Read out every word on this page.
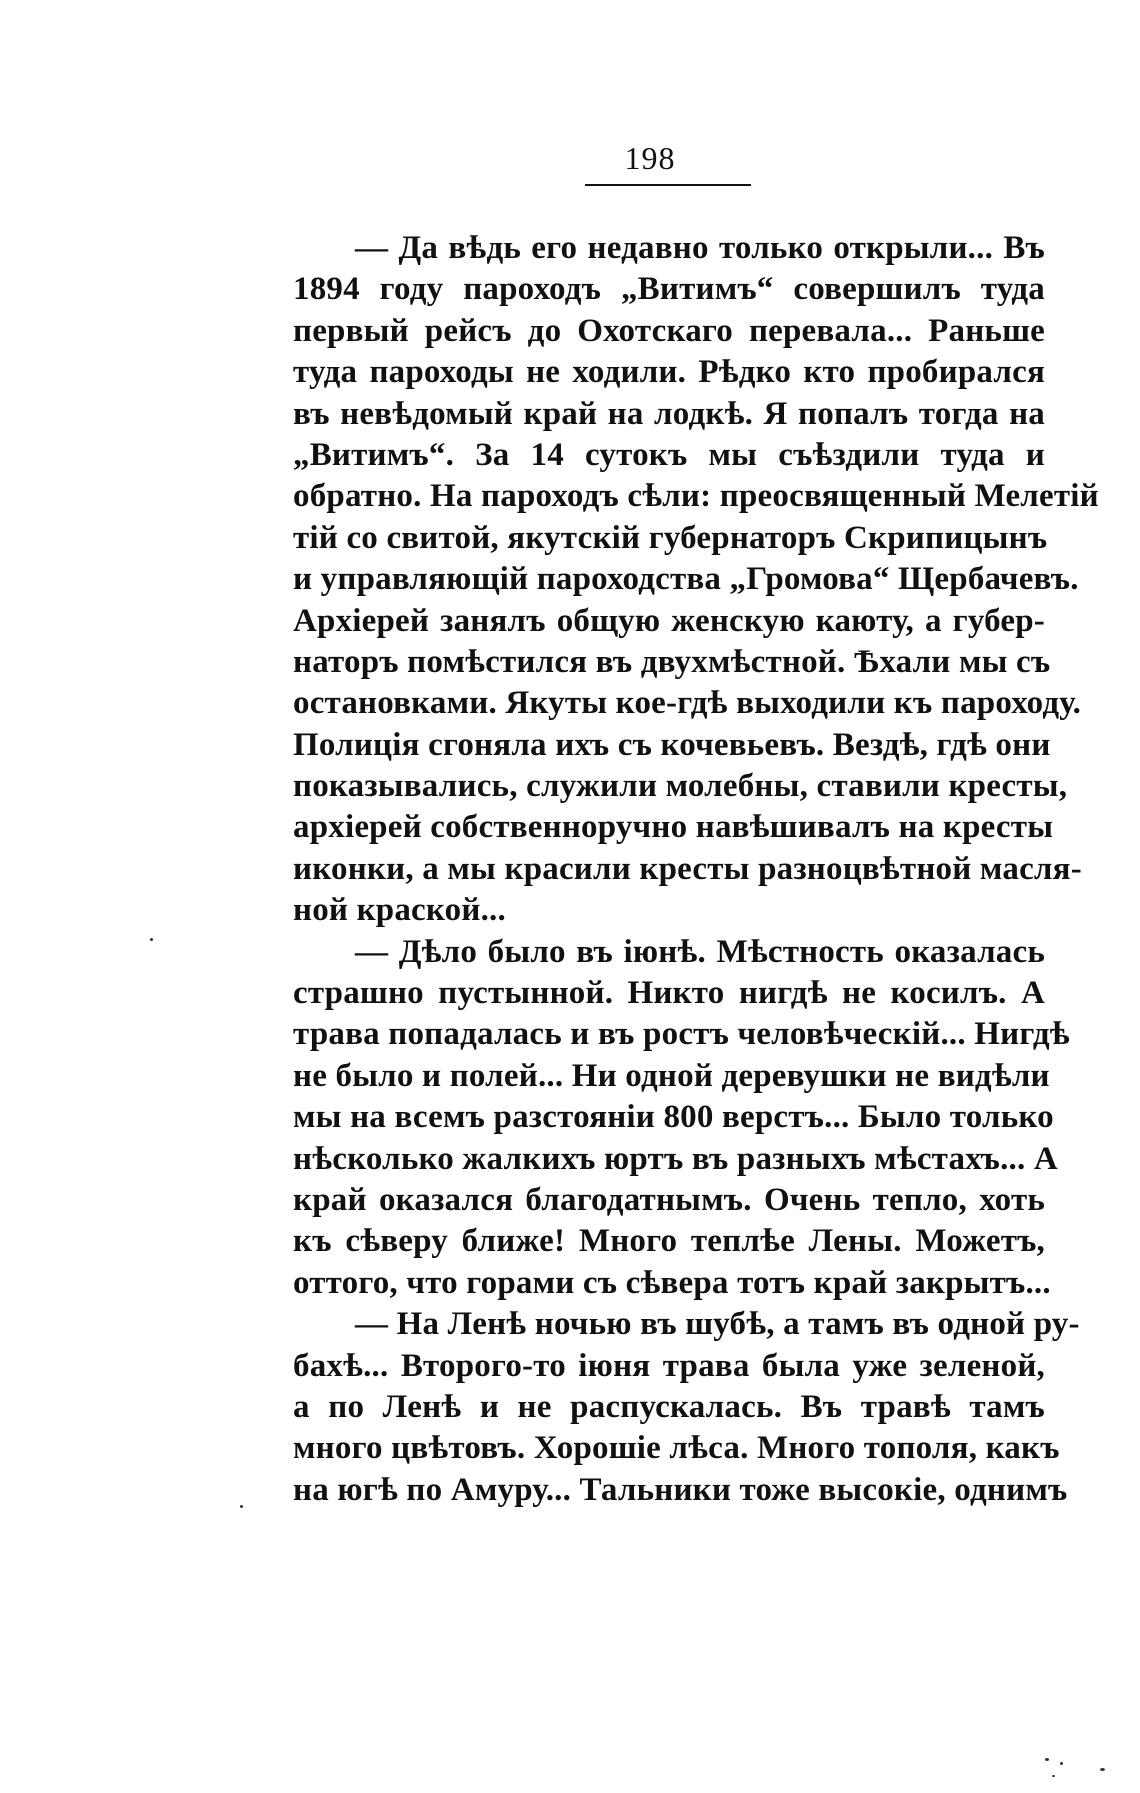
198
— Да вѣдь его недавно только открыли... Въ
1894 году пароходъ „Витимъ“ совершилъ туда
первый рейсъ до Охотскаго перевала... Раньше
туда пароходы не ходили. Рѣдко кто пробирался
въ невѣдомый край на лодкѣ. Я попалъ тогда на
„Витимъ“. За 14 сутокъ мы съѣздили туда и
обратно. На пароходъ сѣли: преосвященный Мелетій
тій со свитой, якутскій губернаторъ Скрипицынъ
и управляющій пароходства „Громова“ Щербачевъ.
Архіерей занялъ общую женскую каюту, а губер-
наторъ помѣстился въ двухмѣстной. Ѣхали мы съ
остановками. Якуты кое-гдѣ выходили къ пароходу.
Полиція сгоняла ихъ съ кочевьевъ. Вездѣ, гдѣ они
показывались, служили молебны, ставили кресты,
архіерей собственноручно навѣшивалъ на кресты
иконки, а мы красили кресты разноцвѣтной масля-
ной краской...
— Дѣло было въ іюнѣ. Мѣстность оказалась
страшно пустынной. Никто нигдѣ не косилъ. А
трава попадалась и въ ростъ человѣческій... Нигдѣ
не было и полей... Ни одной деревушки не видѣли
мы на всемъ разстояніи 800 верстъ... Было только
нѣсколько жалкихъ юртъ въ разныхъ мѣстахъ... А
край оказался благодатнымъ. Очень тепло, хоть
къ сѣверу ближе! Много теплѣе Лены. Можетъ,
оттого, что горами съ сѣвера тотъ край закрытъ...
— На Ленѣ ночью въ шубѣ, а тамъ въ одной ру-
бахѣ... Второго-то іюня трава была уже зеленой,
а по Ленѣ и не распускалась. Въ травѣ тамъ
много цвѣтовъ. Хорошіе лѣса. Много тополя, какъ
на югѣ по Амуру... Тальники тоже высокіе, однимъ
